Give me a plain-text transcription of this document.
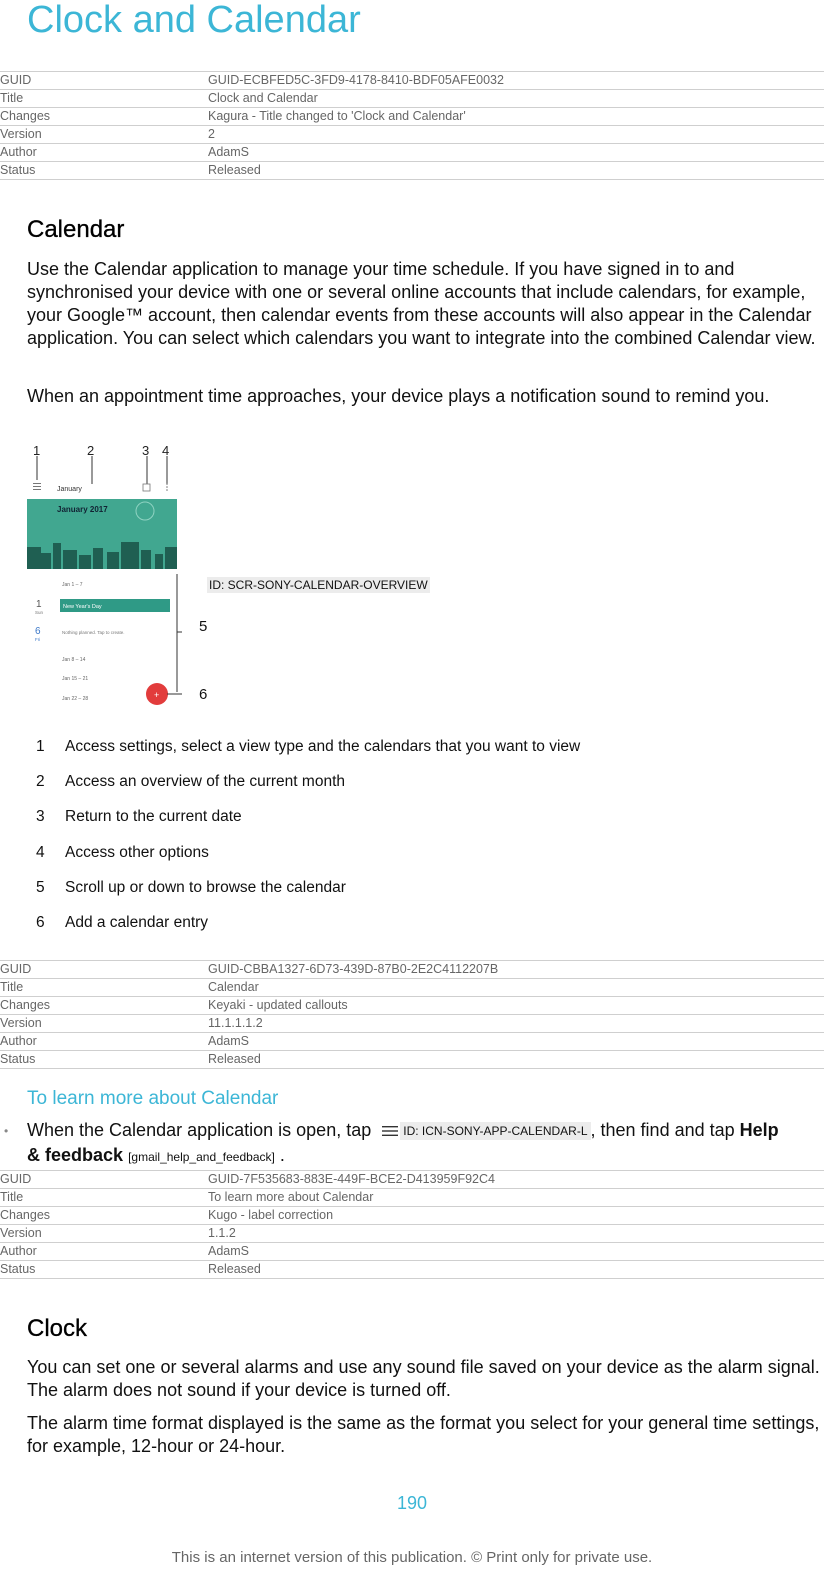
Clock and Calendar
GUID	GUID-ECBFED5C-3FD9-4178-8410-BDF05AFE0032
Title	Clock and Calendar
Changes	Kagura - Title changed to 'Clock and Calendar'
Version	2
Author	AdamS
Status	Released
Calendar

Use the Calendar application to manage your time schedule. If you have signed in to and synchronised your device with one or several online accounts that include calendars, for example, your Google™ account, then calendar events from these accounts will also appear in the Calendar application. You can select which calendars you want to integrate into the combined Calendar view.

When an appointment time approaches, your device plays a notification sound to remind you.

1	2	3 4
January
January 2017
Jan 1 – 7
1
Sun
New Year's Day
6
Fri
Nothing planned. Tap to create.
Jan 8 – 14
Jan 15 – 21
Jan 22 – 28	+
5
6
ID: SCR-SONY-CALENDAR-OVERVIEW
1	Access settings, select a view type and the calendars that you want to view
2	Access an overview of the current month
3	Return to the current date
4	Access other options
5	Scroll up or down to browse the calendar
6	Add a calendar entry
GUID	GUID-CBBA1327-6D73-439D-87B0-2E2C4112207B
Title	Calendar
Changes	Keyaki - updated callouts
Version	11.1.1.1.2
Author	AdamS
Status	Released
To learn more about Calendar
• When the Calendar application is open, tap	ID: ICN-SONY-APP-CALENDAR-L , then find and tap Help & feedback [gmail_help_and_feedback] .
GUID	GUID-7F535683-883E-449F-BCE2-D413959F92C4
Title	To learn more about Calendar
Changes	Kugo - label correction
Version	1.1.2
Author	AdamS
Status	Released
Clock

You can set one or several alarms and use any sound file saved on your device as the alarm signal. The alarm does not sound if your device is turned off.

The alarm time format displayed is the same as the format you select for your general time settings, for example, 12-hour or 24-hour.

190
This is an internet version of this publication. © Print only for private use.
